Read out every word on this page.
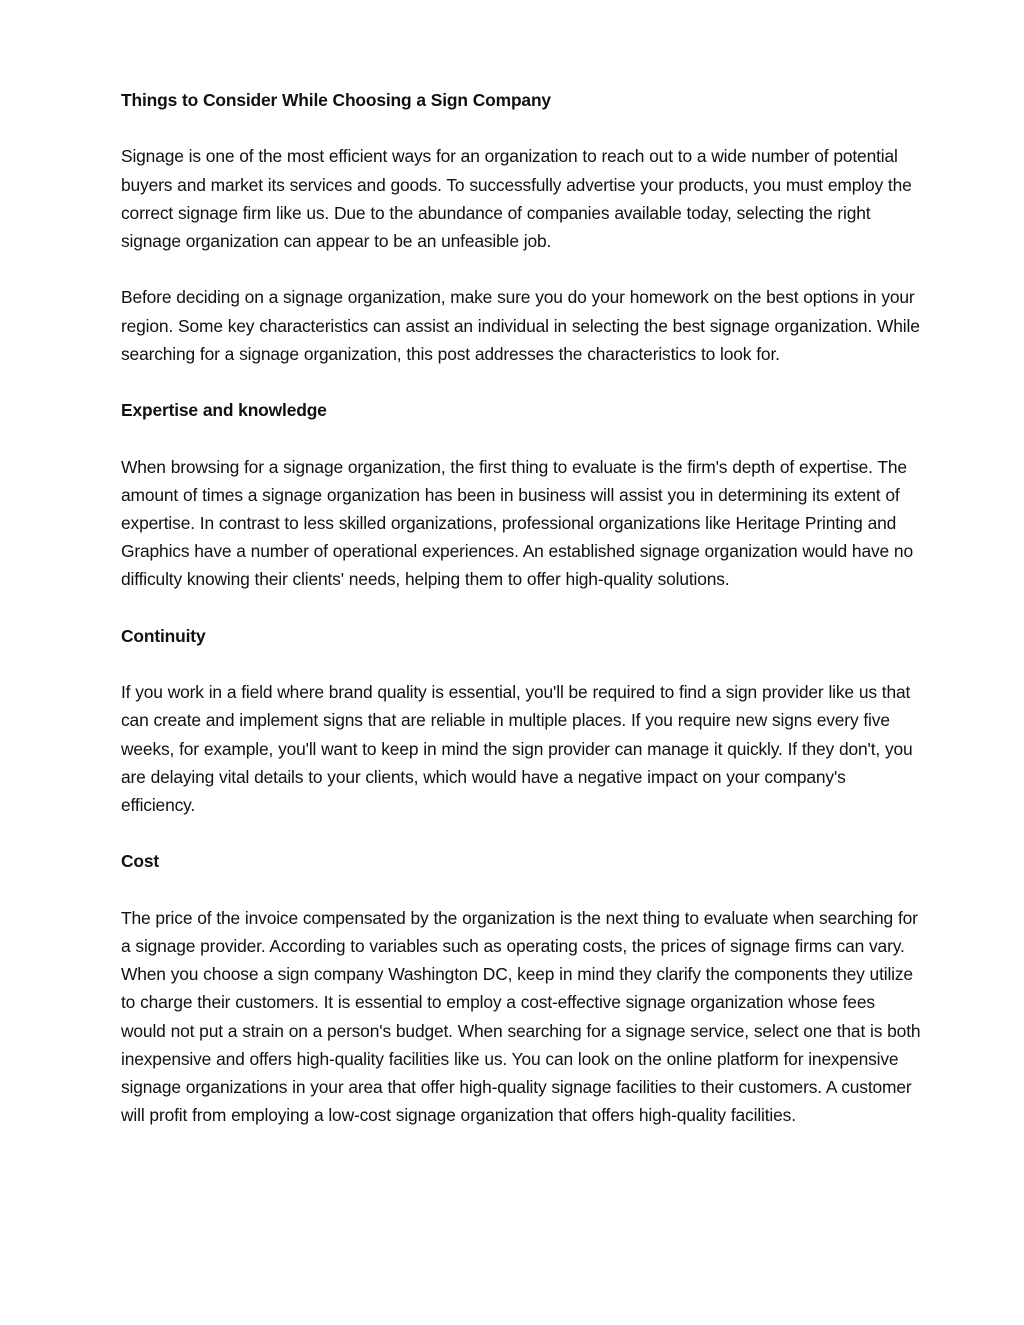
Things to Consider While Choosing a Sign Company

Signage is one of the most efficient ways for an organization to reach out to a wide number of potential buyers and market its services and goods. To successfully advertise your products, you must employ the correct signage firm like us. Due to the abundance of companies available today, selecting the right signage organization can appear to be an unfeasible job.

Before deciding on a signage organization, make sure you do your homework on the best options in your region. Some key characteristics can assist an individual in selecting the best signage organization. While searching for a signage organization, this post addresses the characteristics to look for.

Expertise and knowledge

When browsing for a signage organization, the first thing to evaluate is the firm's depth of expertise. The amount of times a signage organization has been in business will assist you in determining its extent of expertise. In contrast to less skilled organizations, professional organizations like Heritage Printing and Graphics have a number of operational experiences. An established signage organization would have no difficulty knowing their clients' needs, helping them to offer high-quality solutions.

Continuity

If you work in a field where brand quality is essential, you'll be required to find a sign provider like us that can create and implement signs that are reliable in multiple places. If you require new signs every five weeks, for example, you'll want to keep in mind the sign provider can manage it quickly. If they don't, you are delaying vital details to your clients, which would have a negative impact on your company's efficiency.

Cost

The price of the invoice compensated by the organization is the next thing to evaluate when searching for a signage provider. According to variables such as operating costs, the prices of signage firms can vary. When you choose a sign company Washington DC, keep in mind they clarify the components they utilize to charge their customers. It is essential to employ a cost-effective signage organization whose fees would not put a strain on a person's budget. When searching for a signage service, select one that is both inexpensive and offers high-quality facilities like us. You can look on the online platform for inexpensive signage organizations in your area that offer high-quality signage facilities to their customers. A customer will profit from employing a low-cost signage organization that offers high-quality facilities.
